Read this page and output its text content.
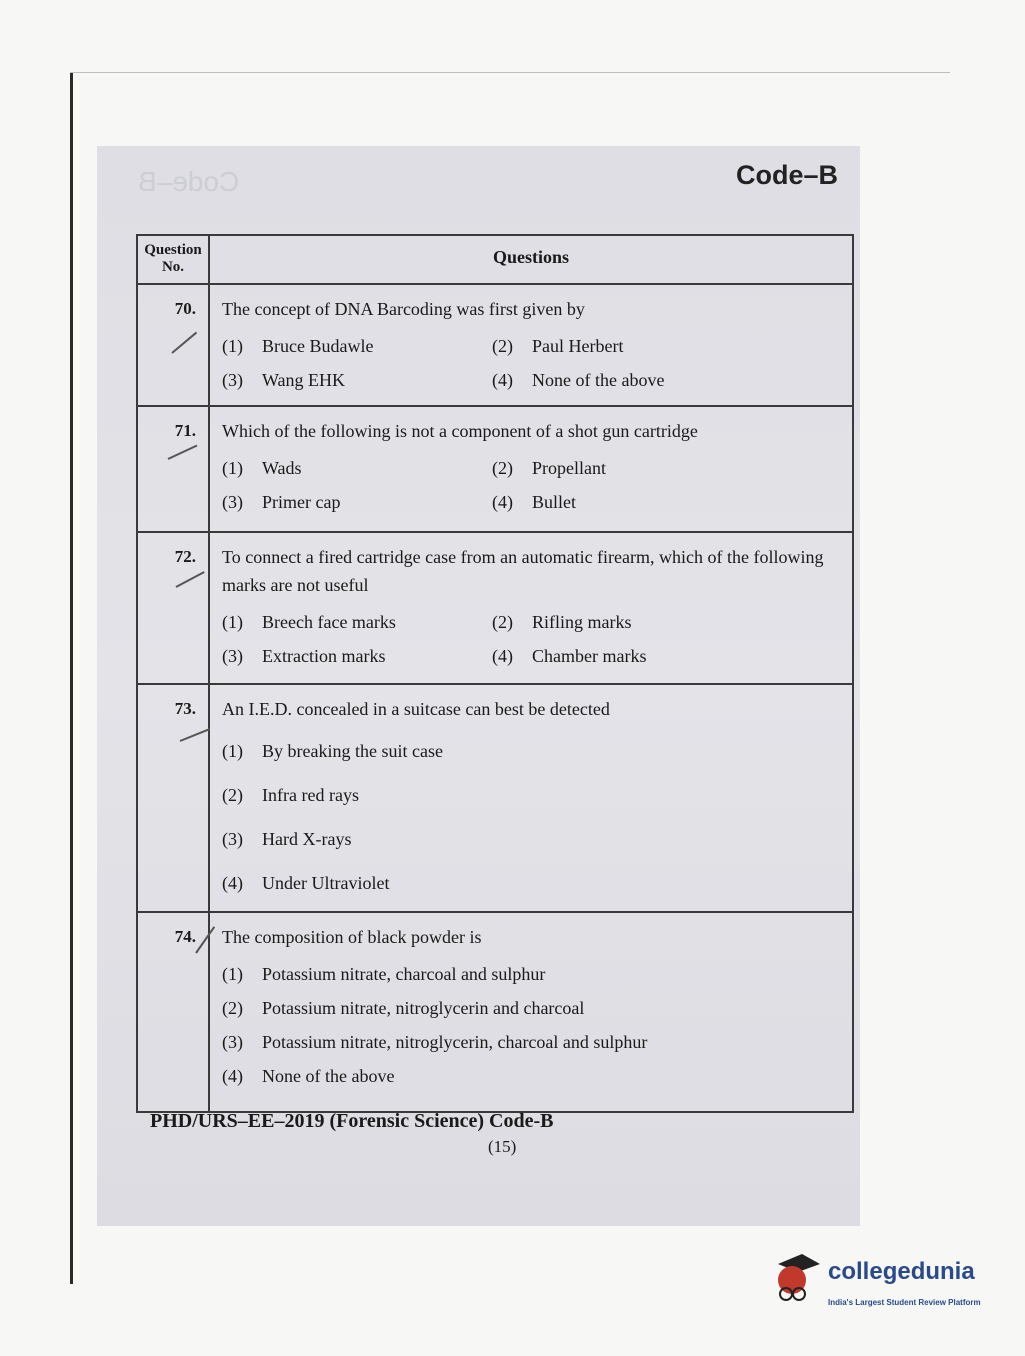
Code–B	Code–B
Question No.	Questions
70.	The concept of DNA Barcoding was first given by
(1) Bruce Budawle (2) Paul Herbert
(3) Wang EHK (4) None of the above

71.	Which of the following is not a component of a shot gun cartridge
(1) Wads (2) Propellant
(3) Primer cap (4) Bullet

72.	To connect a fired cartridge case from an automatic firearm, which of the following marks are not useful
(1) Breech face marks (2) Rifling marks
(3) Extraction marks (4) Chamber marks

73.	An I.E.D. concealed in a suitcase can best be detected
(1) By breaking the suit case
(2) Infra red rays
(3) Hard X-rays
(4) Under Ultraviolet

74.	The composition of black powder is
(1) Potassium nitrate, charcoal and sulphur
(2) Potassium nitrate, nitroglycerin and charcoal
(3) Potassium nitrate, nitroglycerin, charcoal and sulphur
(4) None of the above
PHD/URS–EE–2019 (Forensic Science) Code-B
(15)
collegedunia
India's Largest Student Review Platform
